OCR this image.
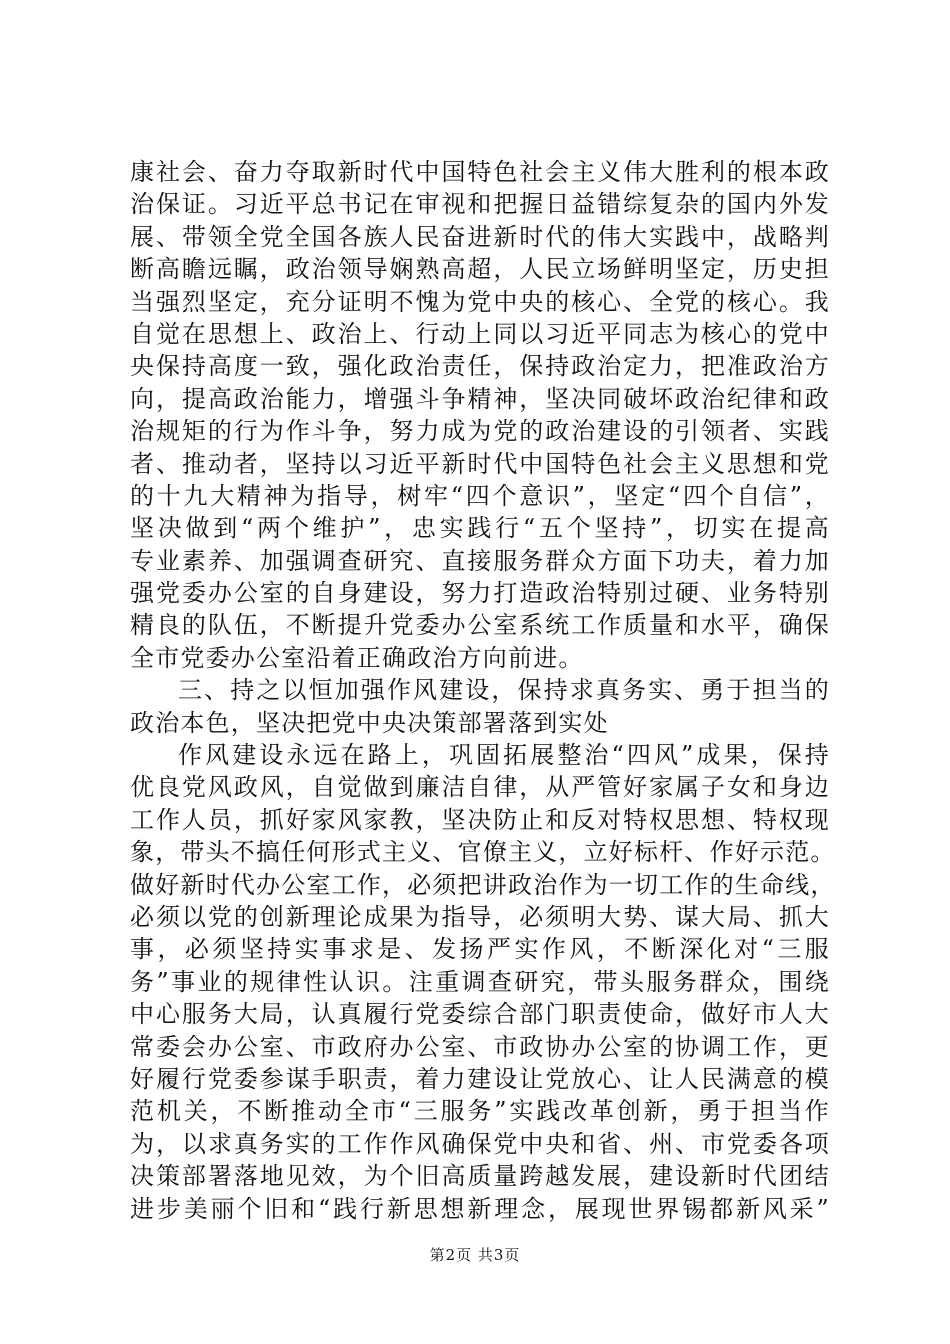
康社会、奋力夺取新时代中国特色社会主义伟大胜利的根本政
治保证。习近平总书记在审视和把握日益错综复杂的国内外发
展、带领全党全国各族人民奋进新时代的伟大实践中，战略判
断高瞻远瞩，政治领导娴熟高超，人民立场鲜明坚定，历史担
当强烈坚定，充分证明不愧为党中央的核心、全党的核心。我
自觉在思想上、政治上、行动上同以习近平同志为核心的党中
央保持高度一致，强化政治责任，保持政治定力，把准政治方
向，提高政治能力，增强斗争精神，坚决同破坏政治纪律和政
治规矩的行为作斗争，努力成为党的政治建设的引领者、实践
者、推动者，坚持以习近平新时代中国特色社会主义思想和党
的十九大精神为指导，树牢“四个意识”，坚定“四个自信”，
坚决做到“两个维护”，忠实践行“五个坚持”，切实在提高
专业素养、加强调查研究、直接服务群众方面下功夫，着力加
强党委办公室的自身建设，努力打造政治特别过硬、业务特别
精良的队伍，不断提升党委办公室系统工作质量和水平，确保
全市党委办公室沿着正确政治方向前进。
三、持之以恒加强作风建设，保持求真务实、勇于担当的
政治本色，坚决把党中央决策部署落到实处
作风建设永远在路上，巩固拓展整治“四风”成果，保持
优良党风政风，自觉做到廉洁自律，从严管好家属子女和身边
工作人员，抓好家风家教，坚决防止和反对特权思想、特权现
象，带头不搞任何形式主义、官僚主义，立好标杆、作好示范。
做好新时代办公室工作，必须把讲政治作为一切工作的生命线，
必须以党的创新理论成果为指导，必须明大势、谋大局、抓大
事，必须坚持实事求是、发扬严实作风，不断深化对“三服
务”事业的规律性认识。注重调查研究，带头服务群众，围绕
中心服务大局，认真履行党委综合部门职责使命，做好市人大
常委会办公室、市政府办公室、市政协办公室的协调工作，更
好履行党委参谋手职责，着力建设让党放心、让人民满意的模
范机关，不断推动全市“三服务”实践改革创新，勇于担当作
为，以求真务实的工作作风确保党中央和省、州、市党委各项
决策部署落地见效，为个旧高质量跨越发展，建设新时代团结
进步美丽个旧和“践行新思想新理念，展现世界锡都新风采”
第2页 共3页
